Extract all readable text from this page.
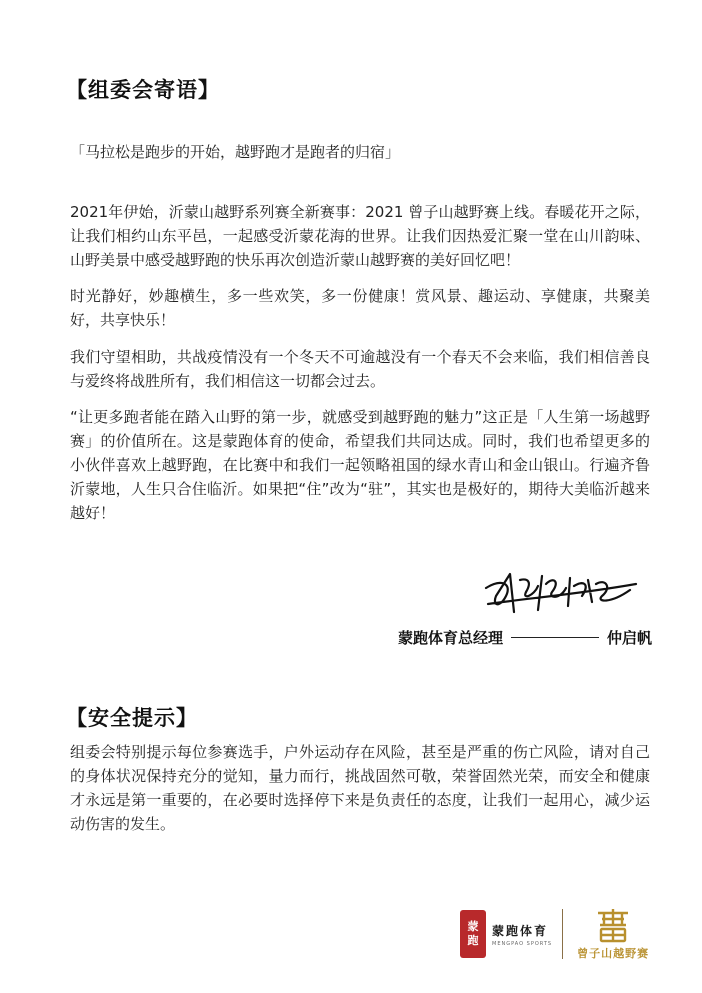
【组委会寄语】

「马拉松是跑步的开始，越野跑才是跑者的归宿」

2021年伊始，沂蒙山越野系列赛全新赛事：2021 曾子山越野赛上线。春暖花开之际，让我们相约山东平邑，一起感受沂蒙花海的世界。让我们因热爱汇聚一堂在山川韵味、山野美景中感受越野跑的快乐再次创造沂蒙山越野赛的美好回忆吧！

时光静好，妙趣横生，多一些欢笑，多一份健康！赏风景、趣运动、享健康，共聚美好，共享快乐！

我们守望相助，共战疫情没有一个冬天不可逾越没有一个春天不会来临，我们相信善良与爱终将战胜所有，我们相信这一切都会过去。

“让更多跑者能在踏入山野的第一步，就感受到越野跑的魅力”这正是「人生第一场越野赛」的价值所在。这是蒙跑体育的使命，希望我们共同达成。同时，我们也希望更多的小伙伴喜欢上越野跑，在比赛中和我们一起领略祖国的绿水青山和金山银山。行遍齐鲁沂蒙地，人生只合住临沂。如果把“住”改为“驻”，其实也是极好的，期待大美临沂越来越好！

蒙跑体育总经理	仲启帆
【安全提示】

组委会特别提示每位参赛选手，户外运动存在风险，甚至是严重的伤亡风险，请对自己的身体状况保持充分的觉知，量力而行，挑战固然可敬，荣誉固然光荣，而安全和健康才永远是第一重要的，在必要时选择停下来是负责任的态度，让我们一起用心，减少运动伤害的发生。

蒙
跑
蒙跑体育
MENGPAO SPORTS
曾子山越野赛
